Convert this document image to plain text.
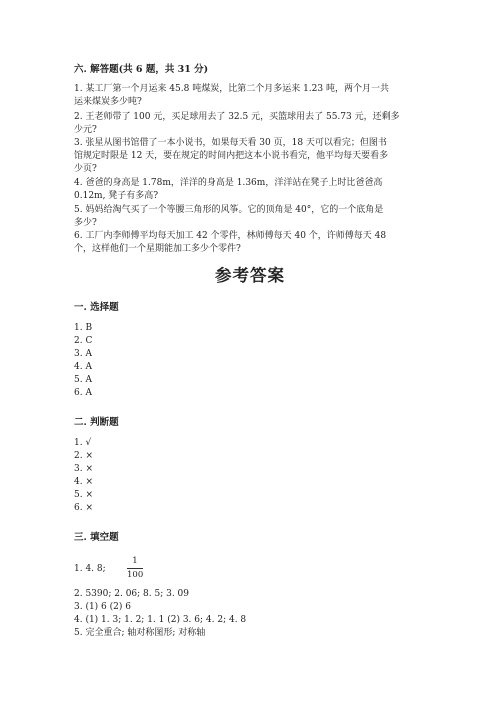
六. 解答题(共 6 题，共 31 分)
1. 某工厂第一个月运来 45.8 吨煤炭，比第二个月多运来 1.23 吨，两个月一共
运来煤炭多少吨?
2. 王老师带了 100 元，买足球用去了 32.5 元，买篮球用去了 55.73 元，还剩多
少元?
3. 张星从图书馆借了一本小说书，如果每天看 30 页，18 天可以看完；但图书
馆规定时限是 12 天，要在规定的时间内把这本小说书看完，他平均每天要看多
少页?
4. 爸爸的身高是 1.78m，洋洋的身高是 1.36m，洋洋站在凳子上时比爸爸高
0.12m, 凳子有多高?
5. 妈妈给淘气买了一个等腰三角形的风筝。它的顶角是 40°，它的一个底角是
多少?
6. 工厂内李师傅平均每天加工 42 个零件，林师傅每天 40 个，许师傅每天 48
个，这样他们一个星期能加工多少个零件?
参考答案
一. 选择题
1. B
2. C
3. A
4. A
5. A
6. A
二. 判断题
1. √
2. ×
3. ×
4. ×
5. ×
6. ×
三. 填空题
1. 4. 8;
1
100
2. 5390; 2. 06; 8. 5; 3. 09
3. (1) 6 (2) 6
4. (1) 1. 3; 1. 2; 1. 1 (2) 3. 6; 4. 2; 4. 8
5. 完全重合; 轴对称图形; 对称轴
